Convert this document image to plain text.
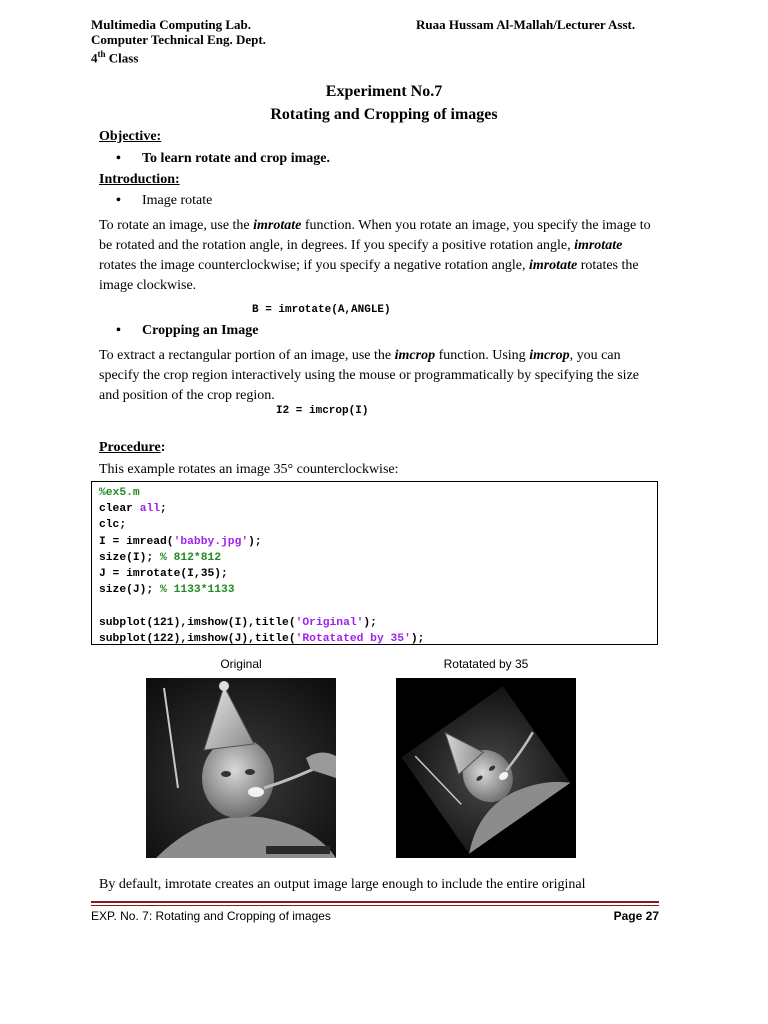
Multimedia Computing Lab.
Computer Technical Eng. Dept.
4th Class
Ruaa Hussam Al-Mallah/Lecturer Asst.
Experiment No.7
Rotating and Cropping of images
Objective:
• To learn rotate and crop image.
Introduction:
• Image rotate
To rotate an image, use the imrotate function. When you rotate an image, you specify the image to be rotated and the rotation angle, in degrees. If you specify a positive rotation angle, imrotate rotates the image counterclockwise; if you specify a negative rotation angle, imrotate rotates the image clockwise.
B = imrotate(A,ANGLE)
• Cropping an Image
To extract a rectangular portion of an image, use the imcrop function. Using imcrop, you can specify the crop region interactively using the mouse or programmatically by specifying the size and position of the crop region.
I2 = imcrop(I)
Procedure:
This example rotates an image 35° counterclockwise:
%ex5.m
clear all;
clc;
I = imread('babby.jpg');
size(I); % 812*812
J = imrotate(I,35);
size(J); % 1133*1133
subplot(121),imshow(I),title('Original');
subplot(122),imshow(J),title('Rotatated by 35');
Original	Rotatated by 35
By default, imrotate creates an output image large enough to include the entire original
EXP. No. 7: Rotating and Cropping of images	Page 27
